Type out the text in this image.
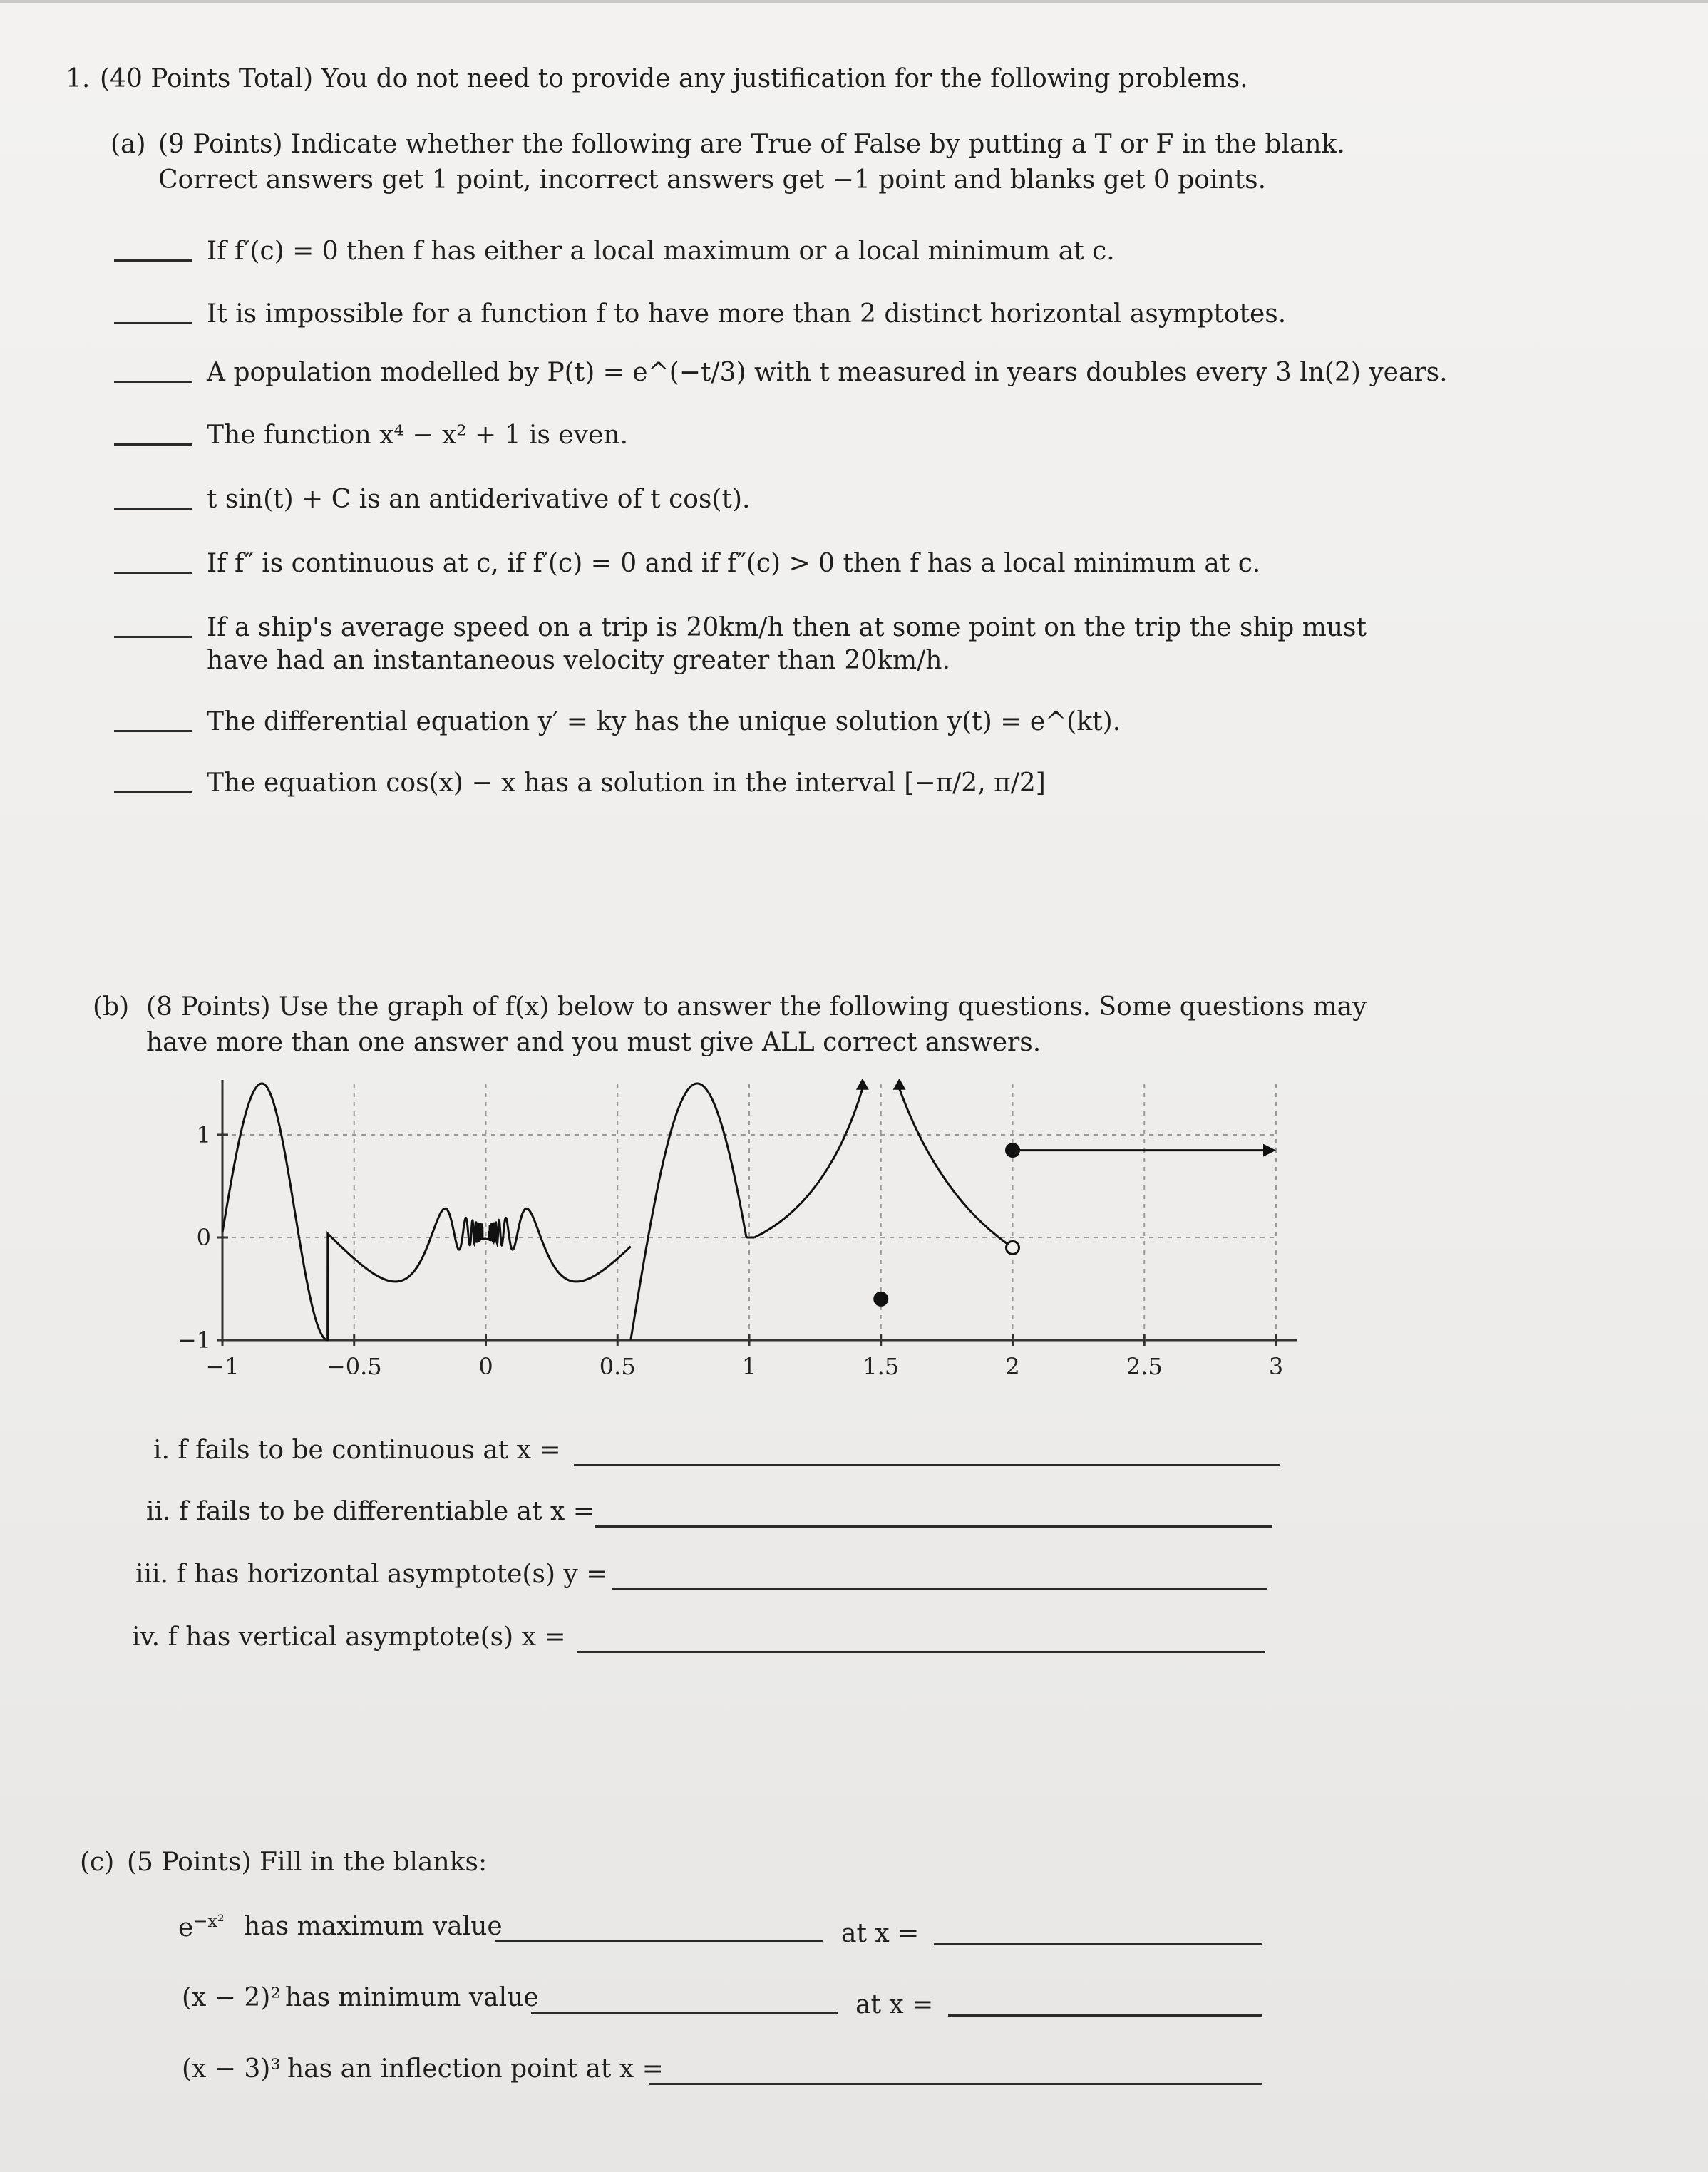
1. (40 Points Total) You do not need to provide any justification for the following problems.
(a) (9 Points) Indicate whether the following are True of False by putting a T or F in the blank.
Correct answers get 1 point, incorrect answers get −1 point and blanks get 0 points.
If f′(c) = 0 then f has either a local maximum or a local minimum at c.
It is impossible for a function f to have more than 2 distinct horizontal asymptotes.
A population modelled by P(t) = e^(−t/3) with t measured in years doubles every 3 ln(2) years.
The function x⁴ − x² + 1 is even.
t sin(t) + C is an antiderivative of t cos(t).
If f″ is continuous at c, if f′(c) = 0 and if f″(c) > 0 then f has a local minimum at c.
If a ship's average speed on a trip is 20km/h then at some point on the trip the ship must
have had an instantaneous velocity greater than 20km/h.
The differential equation y′ = ky has the unique solution y(t) = e^(kt).
The equation cos(x) − x has a solution in the interval [−π/2, π/2]
(b) (8 Points) Use the graph of f(x) below to answer the following questions. Some questions may
have more than one answer and you must give ALL correct answers.
−1	−0.5	0	0.5	1	1.5	2	2.5	3
1
0
−1
i. f fails to be continuous at x =
ii. f fails to be differentiable at x =
iii. f has horizontal asymptote(s) y =
iv. f has vertical asymptote(s) x =
(c) (5 Points) Fill in the blanks:
$e^{-x^2}$ has maximum value	at x =
(x − 2)² has minimum value	at x =
(x − 3)³ has an inflection point at x =
